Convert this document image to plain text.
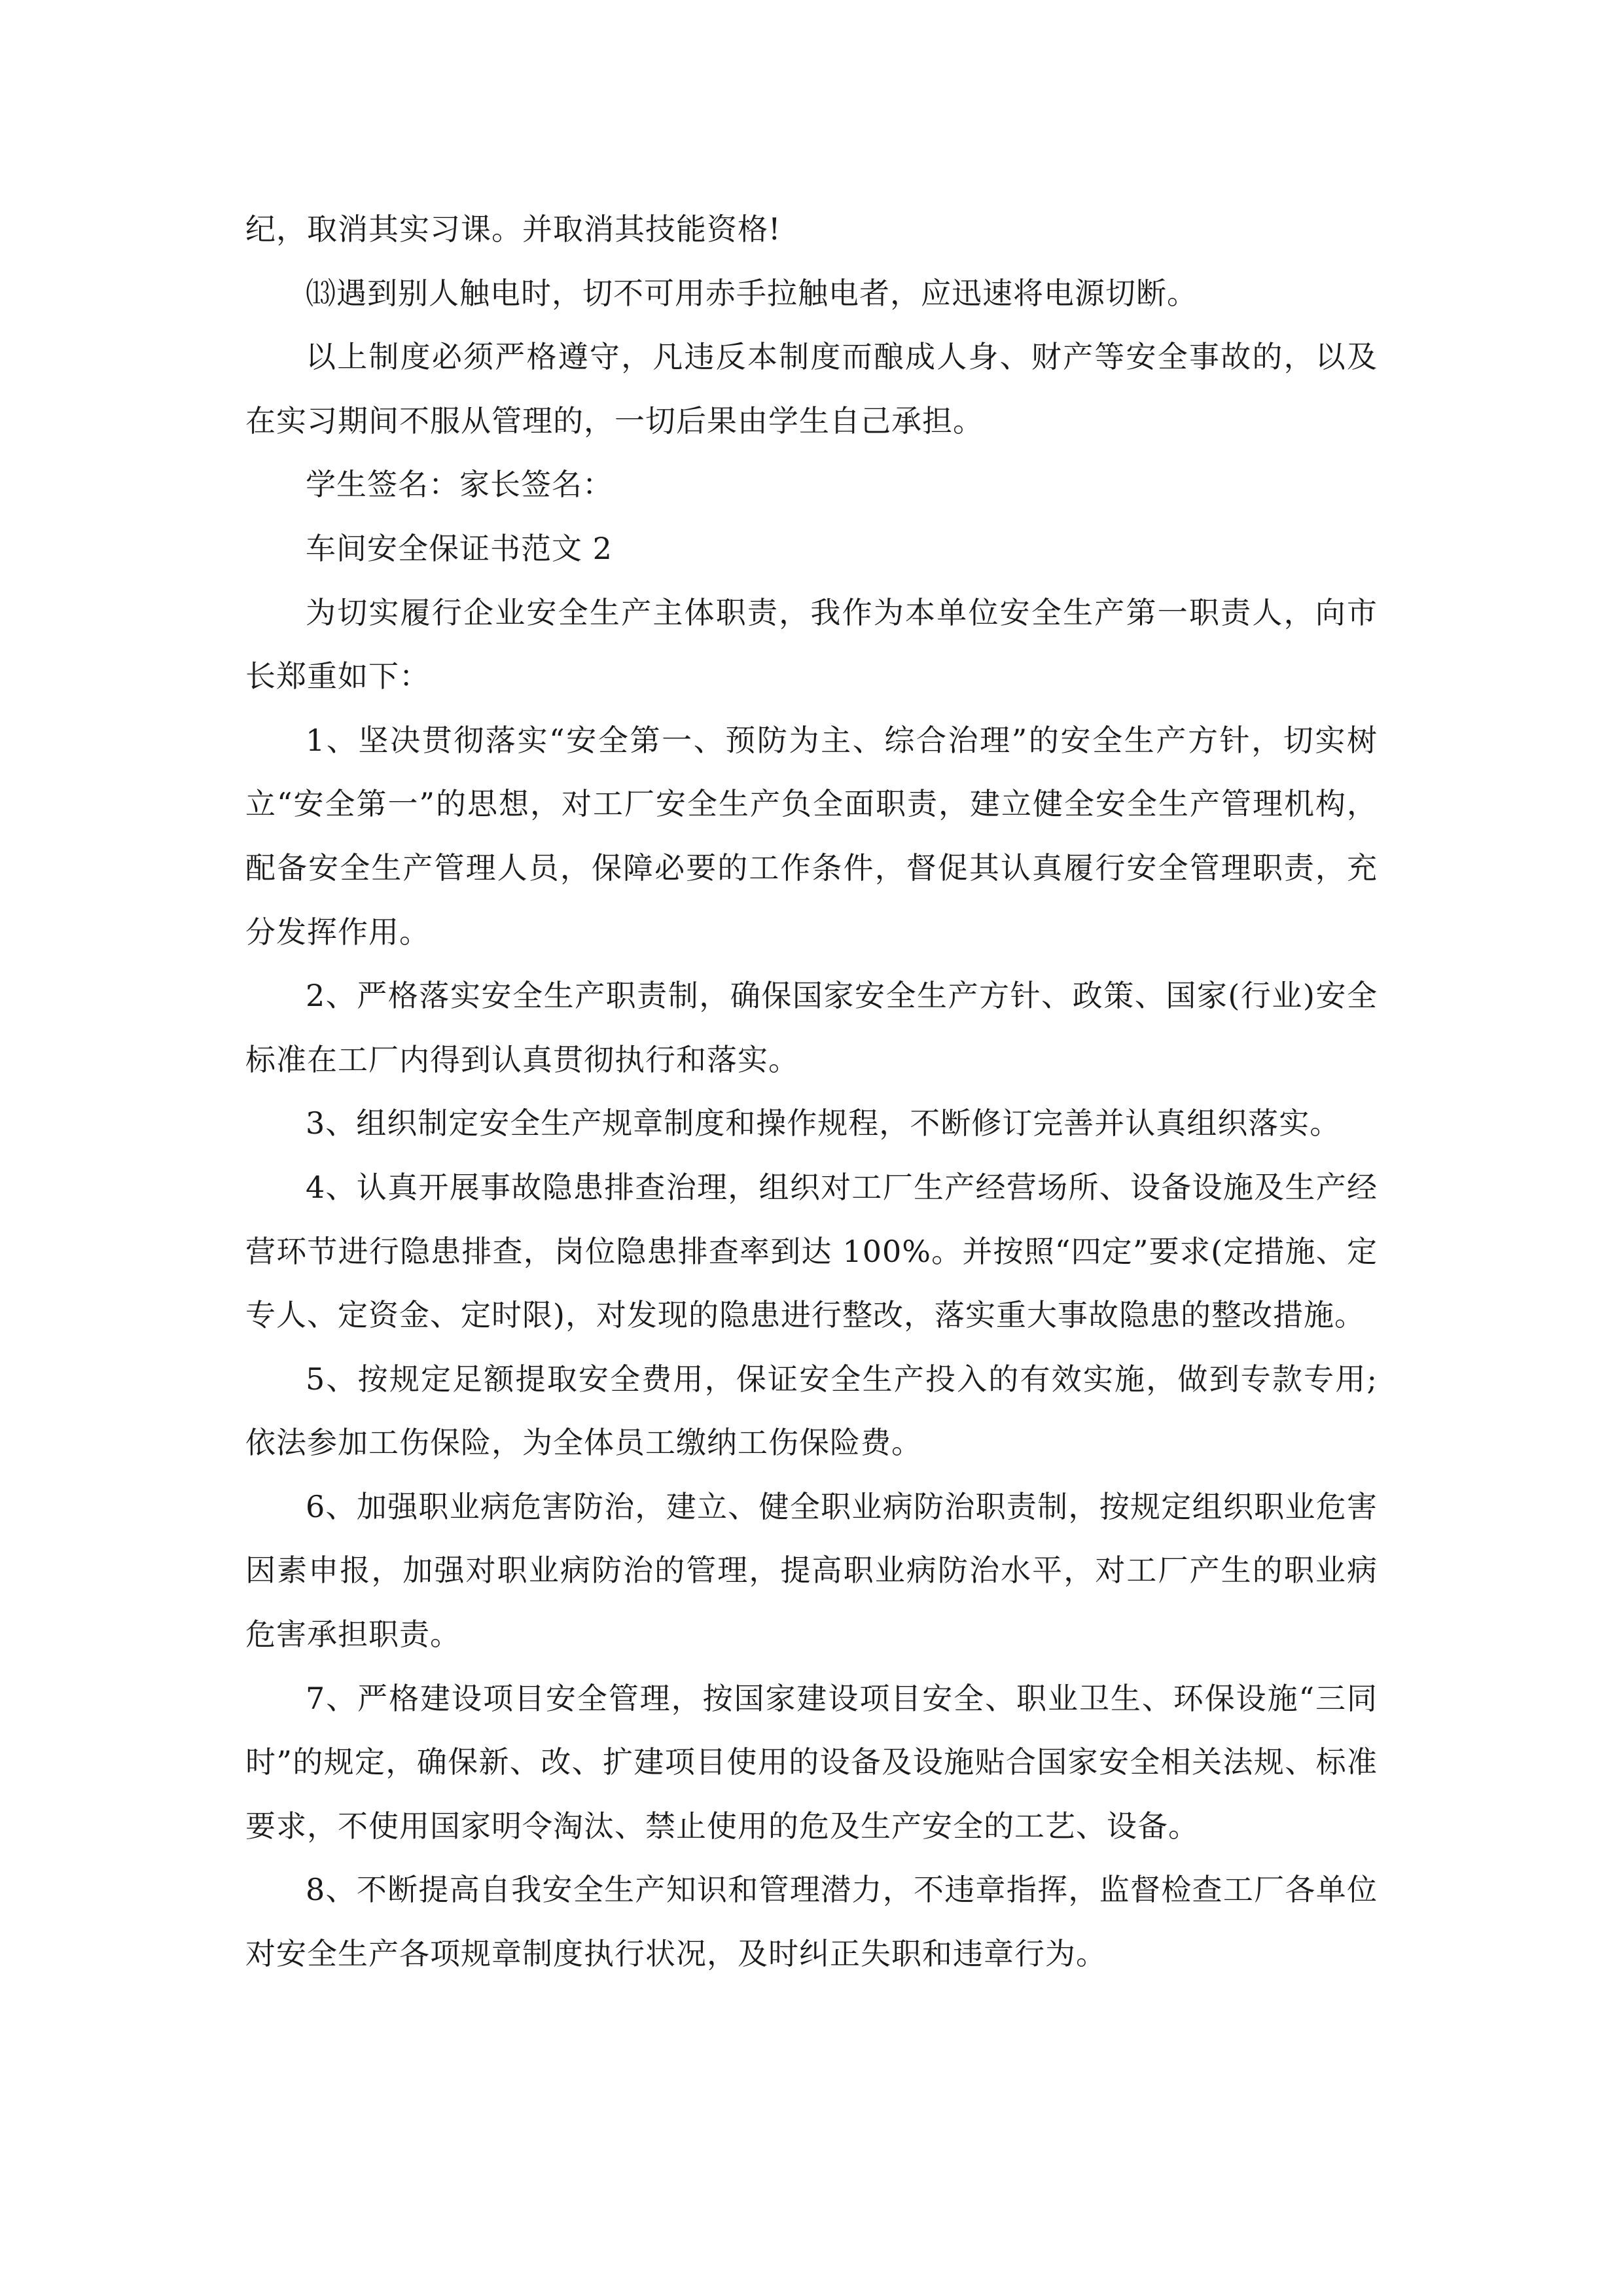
纪，取消其实习课。并取消其技能资格!

⒀遇到别人触电时，切不可用赤手拉触电者，应迅速将电源切断。

以上制度必须严格遵守，凡违反本制度而酿成人身、财产等安全事故的，以及在实习期间不服从管理的，一切后果由学生自己承担。

学生签名：家长签名：

车间安全保证书范文 2

为切实履行企业安全生产主体职责，我作为本单位安全生产第一职责人，向市长郑重如下：

1、坚决贯彻落实“安全第一、预防为主、综合治理”的安全生产方针，切实树立“安全第一”的思想，对工厂安全生产负全面职责，建立健全安全生产管理机构，配备安全生产管理人员，保障必要的工作条件，督促其认真履行安全管理职责，充分发挥作用。

2、严格落实安全生产职责制，确保国家安全生产方针、政策、国家(行业)安全标准在工厂内得到认真贯彻执行和落实。

3、组织制定安全生产规章制度和操作规程，不断修订完善并认真组织落实。

4、认真开展事故隐患排查治理，组织对工厂生产经营场所、设备设施及生产经营环节进行隐患排查，岗位隐患排查率到达 100%。并按照“四定”要求(定措施、定专人、定资金、定时限)，对发现的隐患进行整改，落实重大事故隐患的整改措施。

5、按规定足额提取安全费用，保证安全生产投入的有效实施，做到专款专用;依法参加工伤保险，为全体员工缴纳工伤保险费。

6、加强职业病危害防治，建立、健全职业病防治职责制，按规定组织职业危害因素申报，加强对职业病防治的管理，提高职业病防治水平，对工厂产生的职业病危害承担职责。

7、严格建设项目安全管理，按国家建设项目安全、职业卫生、环保设施“三同时”的规定，确保新、改、扩建项目使用的设备及设施贴合国家安全相关法规、标准要求，不使用国家明令淘汰、禁止使用的危及生产安全的工艺、设备。

8、不断提高自我安全生产知识和管理潜力，不违章指挥，监督检查工厂各单位对安全生产各项规章制度执行状况，及时纠正失职和违章行为。
